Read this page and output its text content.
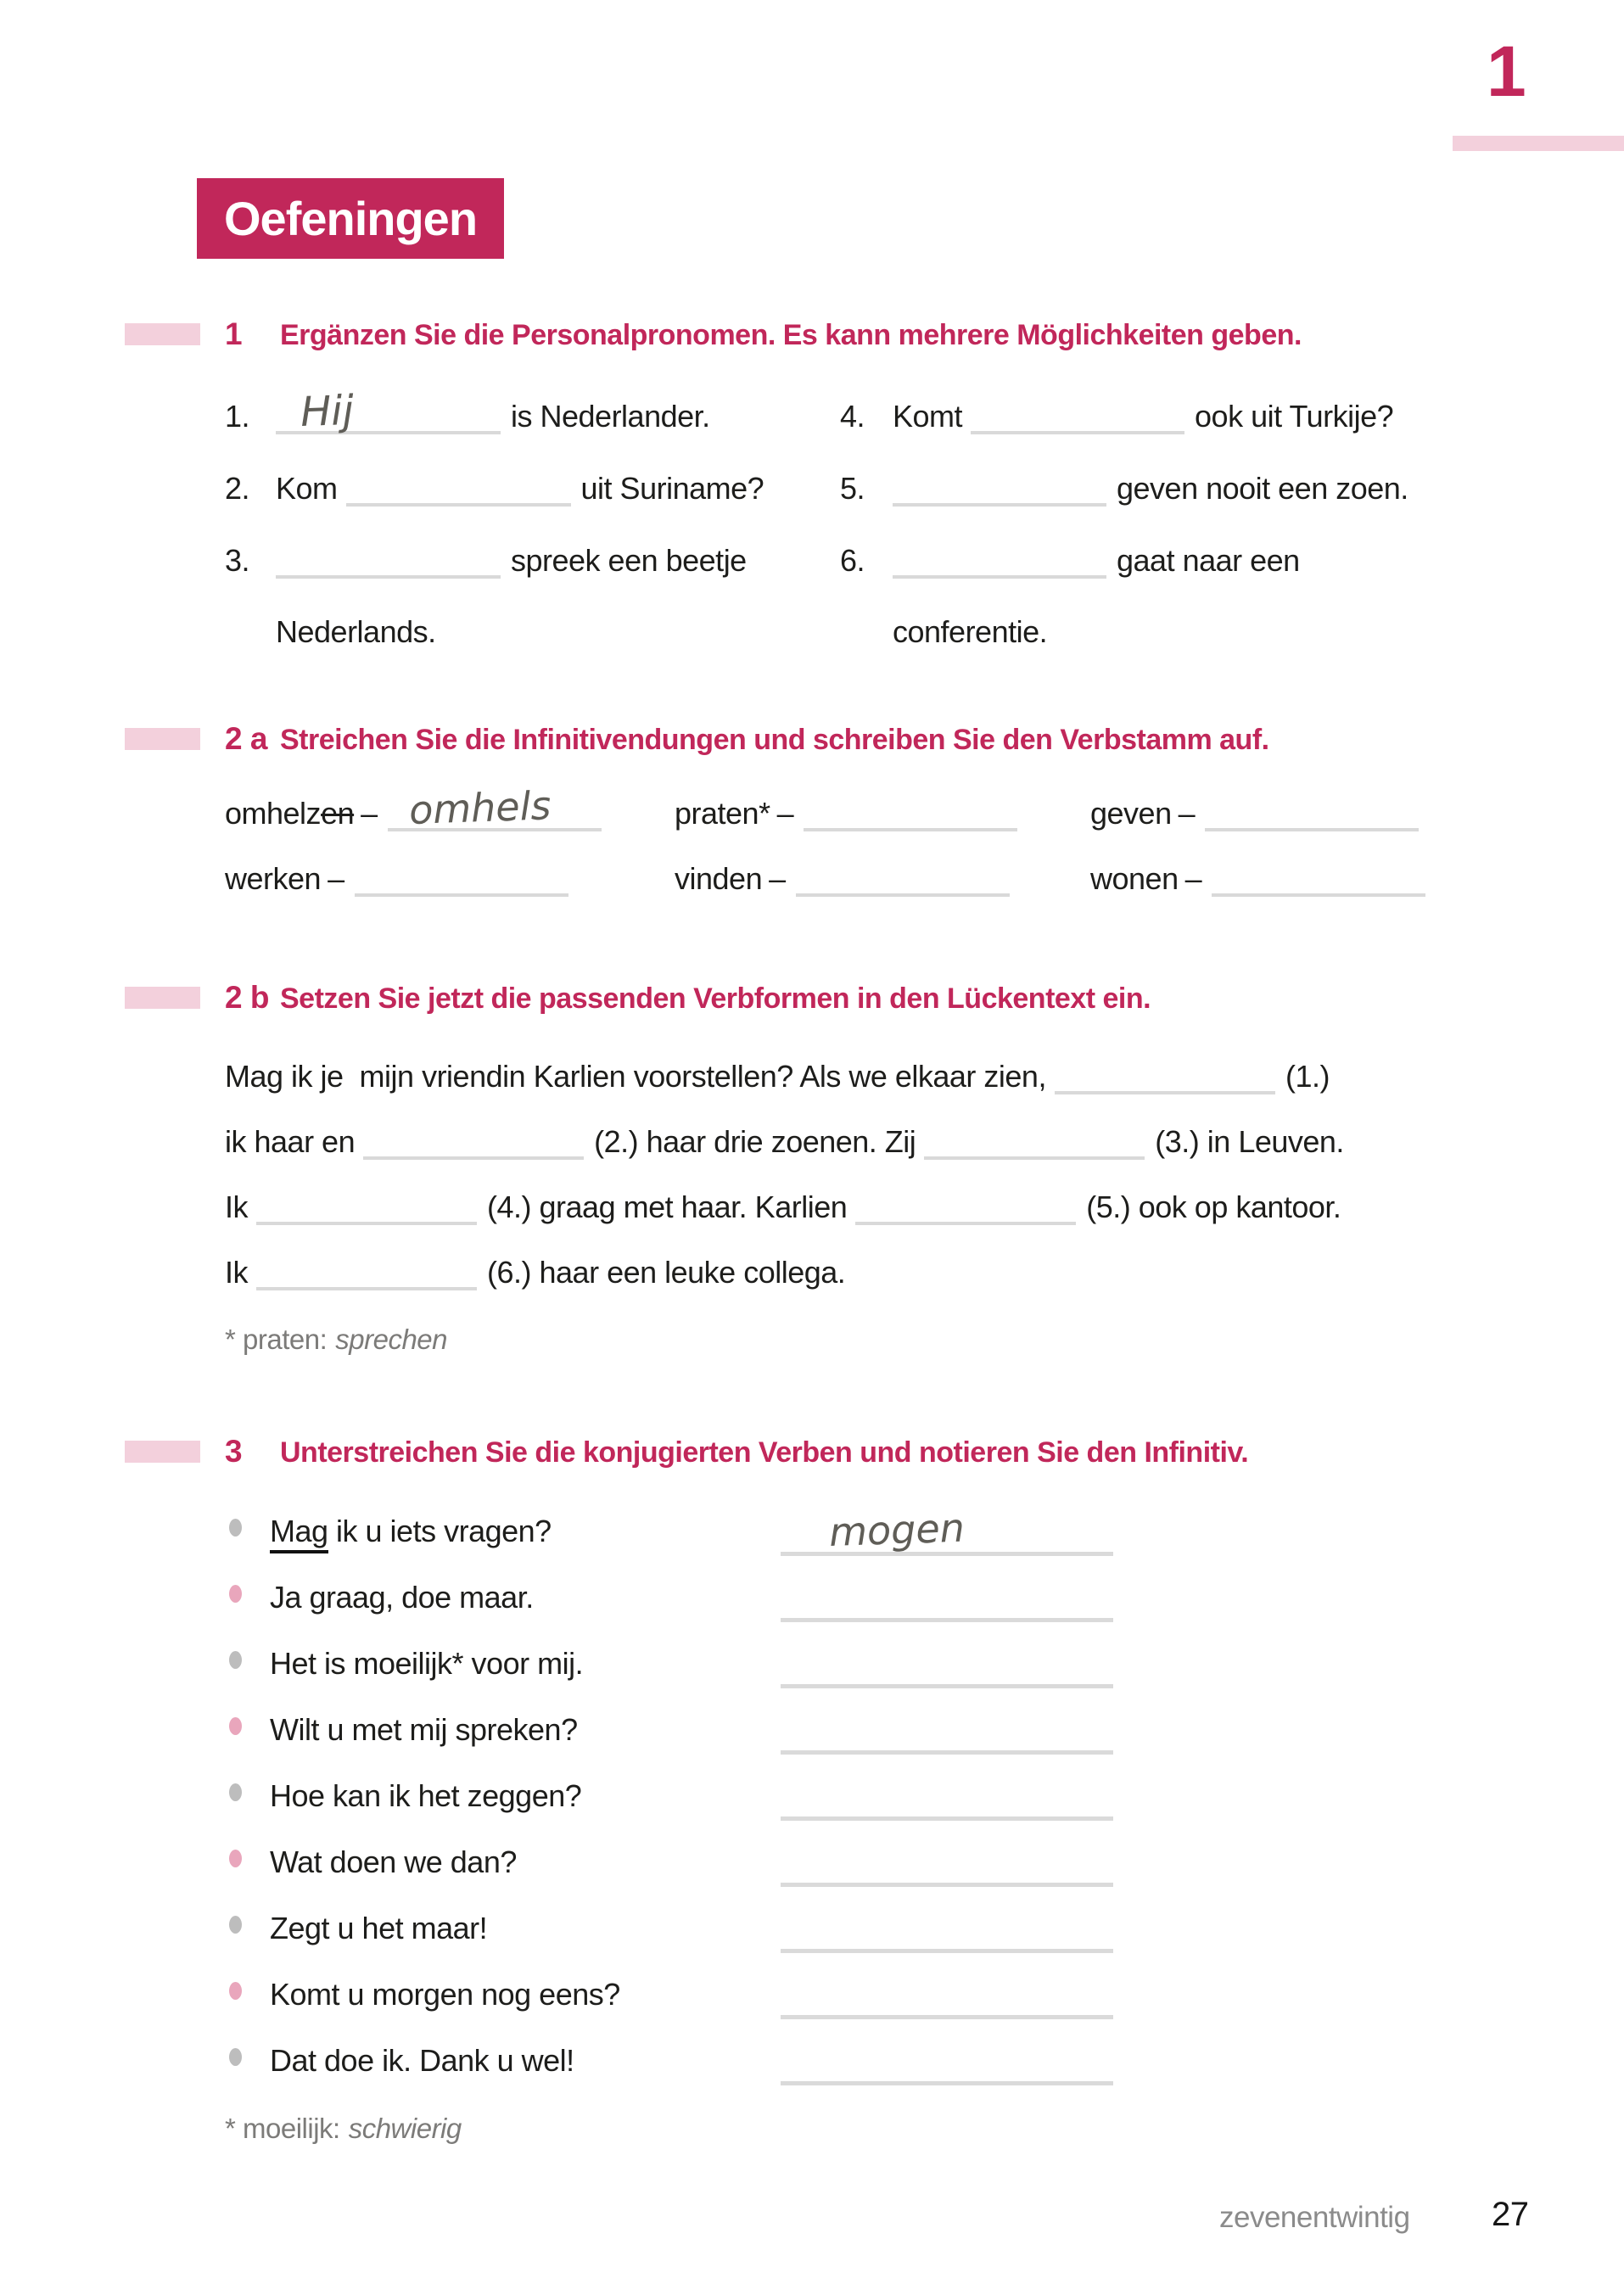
1
Oefeningen
1 Ergänzen Sie die Personalpronomen. Es kann mehrere Möglichkeiten geben.
1. Hij	is Nederlander.
2. Kom	uit Suriname?
3.	spreek een beetje
Nederlands.
4. Komt	ook uit Turkije?
5.	geven nooit een zoen.
6.	gaat naar een
conferentie.
2 a Streichen Sie die Infinitivendungen und schreiben Sie den Verbstamm auf.
omhelzen – omhels	praten* –	geven –
werken –	vinden –	wonen –
2 b Setzen Sie jetzt die passenden Verbformen in den Lückentext ein.
Mag ik je  mijn vriendin Karlien voorstellen? Als we elkaar zien,	(1.)
ik haar en	(2.) haar drie zoenen. Zij	(3.) in Leuven.
Ik	(4.) graag met haar. Karlien	(5.) ook op kantoor.
Ik	(6.) haar een leuke collega.
* praten: sprechen
3 Unterstreichen Sie die konjugierten Verben und notieren Sie den Infinitiv.
Mag ik u iets vragen?	mogen
Ja graag, doe maar.
Het is moeilijk* voor mij.
Wilt u met mij spreken?
Hoe kan ik het zeggen?
Wat doen we dan?
Zegt u het maar!
Komt u morgen nog eens?
Dat doe ik. Dank u wel!
* moeilijk: schwierig
zevenentwintig 27
